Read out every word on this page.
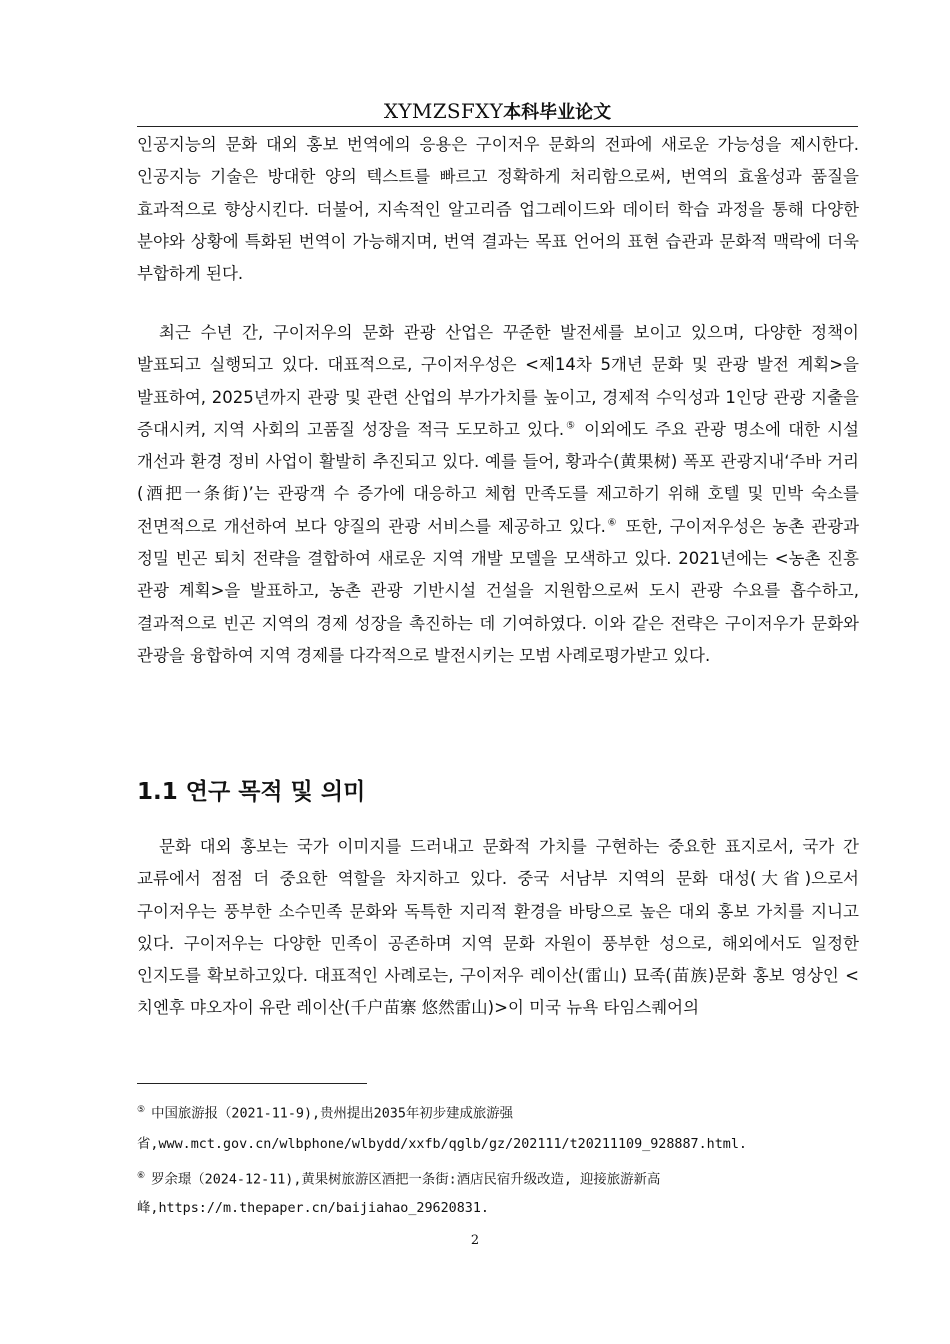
XYMZSFXY本科毕业论文

인공지능의 문화 대외 홍보 번역에의 응용은 구이저우 문화의 전파에 새로운 가능성을 제시한다. 인공지능 기술은 방대한 양의 텍스트를 빠르고 정확하게 처리함으로써, 번역의 효율성과 품질을 효과적으로 향상시킨다. 더불어, 지속적인 알고리즘 업그레이드와 데이터 학습 과정을 통해 다양한 분야와 상황에 특화된 번역이 가능해지며, 번역 결과는 목표 언어의 표현 습관과 문화적 맥락에 더욱 부합하게 된다.

최근 수년 간, 구이저우의 문화 관광 산업은 꾸준한 발전세를 보이고 있으며, 다양한 정책이 발표되고 실행되고 있다. 대표적으로, 구이저우성은 <제14차 5개년 문화 및 관광 발전 계획>을 발표하여, 2025년까지 관광 및 관련 산업의 부가가치를 높이고, 경제적 수익성과 1인당 관광 지출을 증대시켜, 지역 사회의 고품질 성장을 적극 도모하고 있다.⑤ 이외에도 주요 관광 명소에 대한 시설 개선과 환경 정비 사업이 활발히 추진되고 있다. 예를 들어, 황과수(黄果树) 폭포 관광지내‘주바 거리(酒把一条街)’는 관광객 수 증가에 대응하고 체험 만족도를 제고하기 위해 호텔 및 민박 숙소를 전면적으로 개선하여 보다 양질의 관광 서비스를 제공하고 있다.⑥ 또한, 구이저우성은 농촌 관광과 정밀 빈곤 퇴치 전략을 결합하여 새로운 지역 개발 모델을 모색하고 있다. 2021년에는 <농촌 진흥 관광 계획>을 발표하고, 농촌 관광 기반시설 건설을 지원함으로써 도시 관광 수요를 흡수하고, 결과적으로 빈곤 지역의 경제 성장을 촉진하는 데 기여하였다. 이와 같은 전략은 구이저우가 문화와 관광을 융합하여 지역 경제를 다각적으로 발전시키는 모범 사례로평가받고 있다.

1.1 연구 목적 및 의미

문화 대외 홍보는 국가 이미지를 드러내고 문화적 가치를 구현하는 중요한 표지로서, 국가 간 교류에서 점점 더 중요한 역할을 차지하고 있다. 중국 서남부 지역의 문화 대성(大省)으로서 구이저우는 풍부한 소수민족 문화와 독특한 지리적 환경을 바탕으로 높은 대외 홍보 가치를 지니고 있다. 구이저우는 다양한 민족이 공존하며 지역 문화 자원이 풍부한 성으로, 해외에서도 일정한 인지도를 확보하고있다. 대표적인 사례로는, 구이저우 레이산(雷山) 묘족(苗族)문화 홍보 영상인 <치엔후 먀오자이 유란 레이산(千户苗寨 悠然雷山)>이 미국 뉴욕 타임스퀘어의

⑤ 中国旅游报（2021-11-9),贵州提出2035年初步建成旅游强

省,www.mct.gov.cn/wlbphone/wlbydd/xxfb/qglb/gz/202111/t20211109_928887.html.

⑥ 罗余璟（2024-12-11),黄果树旅游区酒把一条街:酒店民宿升级改造, 迎接旅游新高

峰,https://m.thepaper.cn/baijiahao_29620831.

2
